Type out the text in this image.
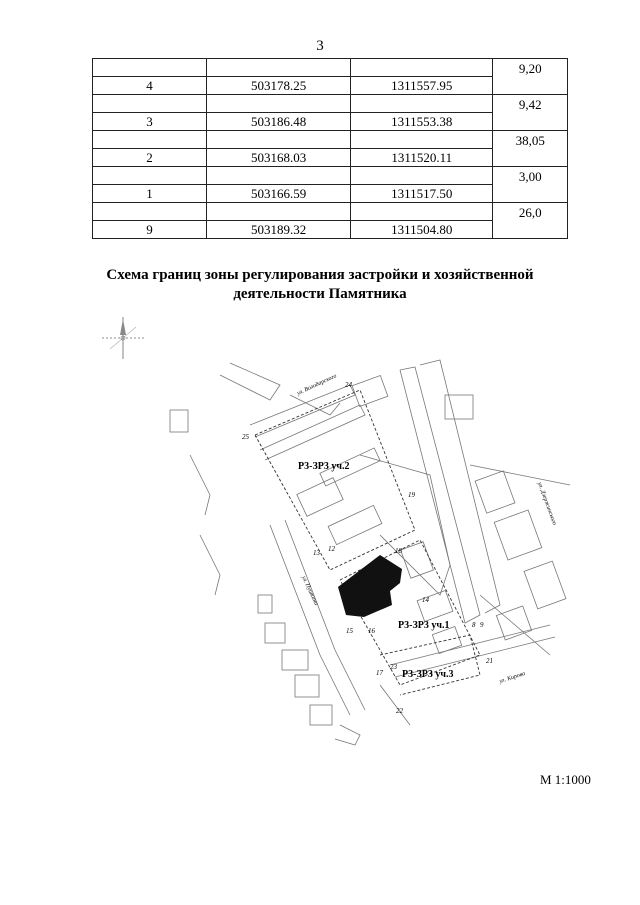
3
			9,20
4	503178.25	1311557.95	
			9,42
3	503186.48	1311553.38	
			38,05
2	503168.03	1311520.11	
			3,00
1	503166.59	1311517.50	
			26,0
9	503189.32	1311504.80	
Схема границ зоны регулирования застройки и хозяйственной
деятельности Памятника
Р3-ЗР3 уч.2
Р3-ЗР3 уч.1
Р3-ЗР3 уч.3
ул. Володарского
ул. Дзержинского
ул. Пушкина
ул. Кирова
24
25
19
18
13 12
14
16
15
17
21
22
23
8 9
М 1:1000
